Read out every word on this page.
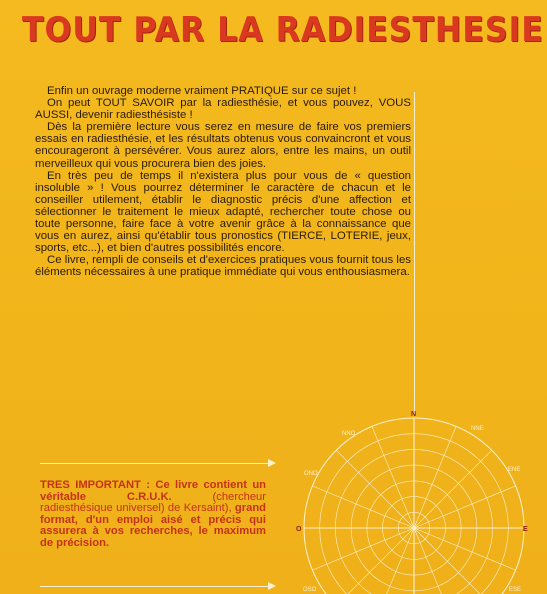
TOUT PAR LA RADIESTHESIE

Enfin un ouvrage moderne vraiment PRATIQUE sur ce sujet !

On peut TOUT SAVOIR par la radiesthésie, et vous pouvez, VOUS AUSSI, devenir radiesthésiste !

Dès la première lecture vous serez en mesure de faire vos premiers essais en radiesthésie, et les résultats obtenus vous convaincront et vous encourageront à persévérer. Vous aurez alors, entre les mains, un outil merveilleux qui vous procurera bien des joies.

En très peu de temps il n'existera plus pour vous de « question insoluble » ! Vous pourrez déterminer le caractère de chacun et le conseiller utilement, établir le diagnostic précis d'une affection et sélectionner le traitement le mieux adapté, rechercher toute chose ou toute personne, faire face à votre avenir grâce à la connaissance que vous en aurez, ainsi qu'établir tous pronostics (TIERCE, LOTERIE, jeux, sports, etc...), et bien d'autres possibilités encore.

Ce livre, rempli de conseils et d'exercices pratiques vous fournit tous les éléments nécessaires à une pratique immédiate qui vous enthousiasmera.

TRES IMPORTANT : Ce livre contient un véritable C.R.U.K.	(chercheur radiesthésique universel) de Kersaint), grand format, d'un emploi aisé et précis qui assurera à vos recherches, le maximum de précision.
N
E
O
NNO
NNE
ONO
ENE
OSO	ESE
